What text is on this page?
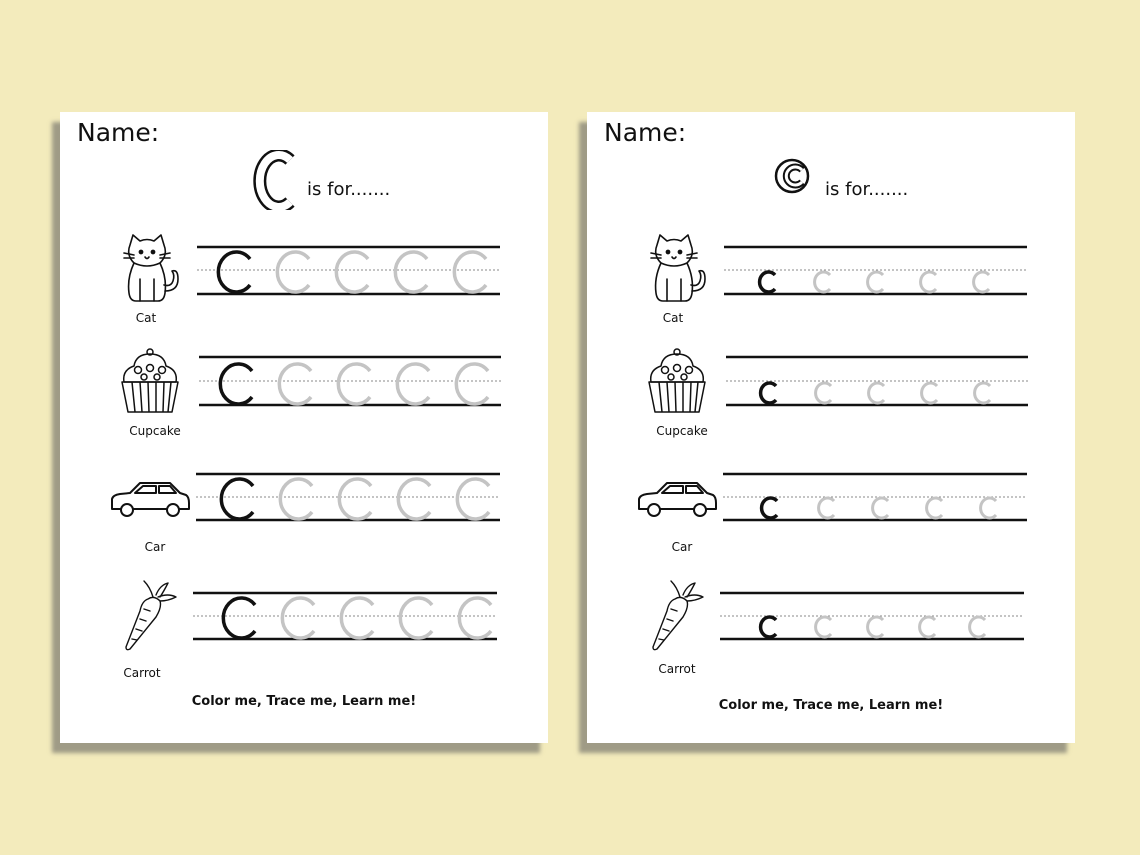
Name:
is for.......
Cat
Cupcake
Car
Carrot
Color me, Trace me, Learn me!
Name:
is for.......
Cat
Cupcake
Car
Carrot
Color me, Trace me, Learn me!
